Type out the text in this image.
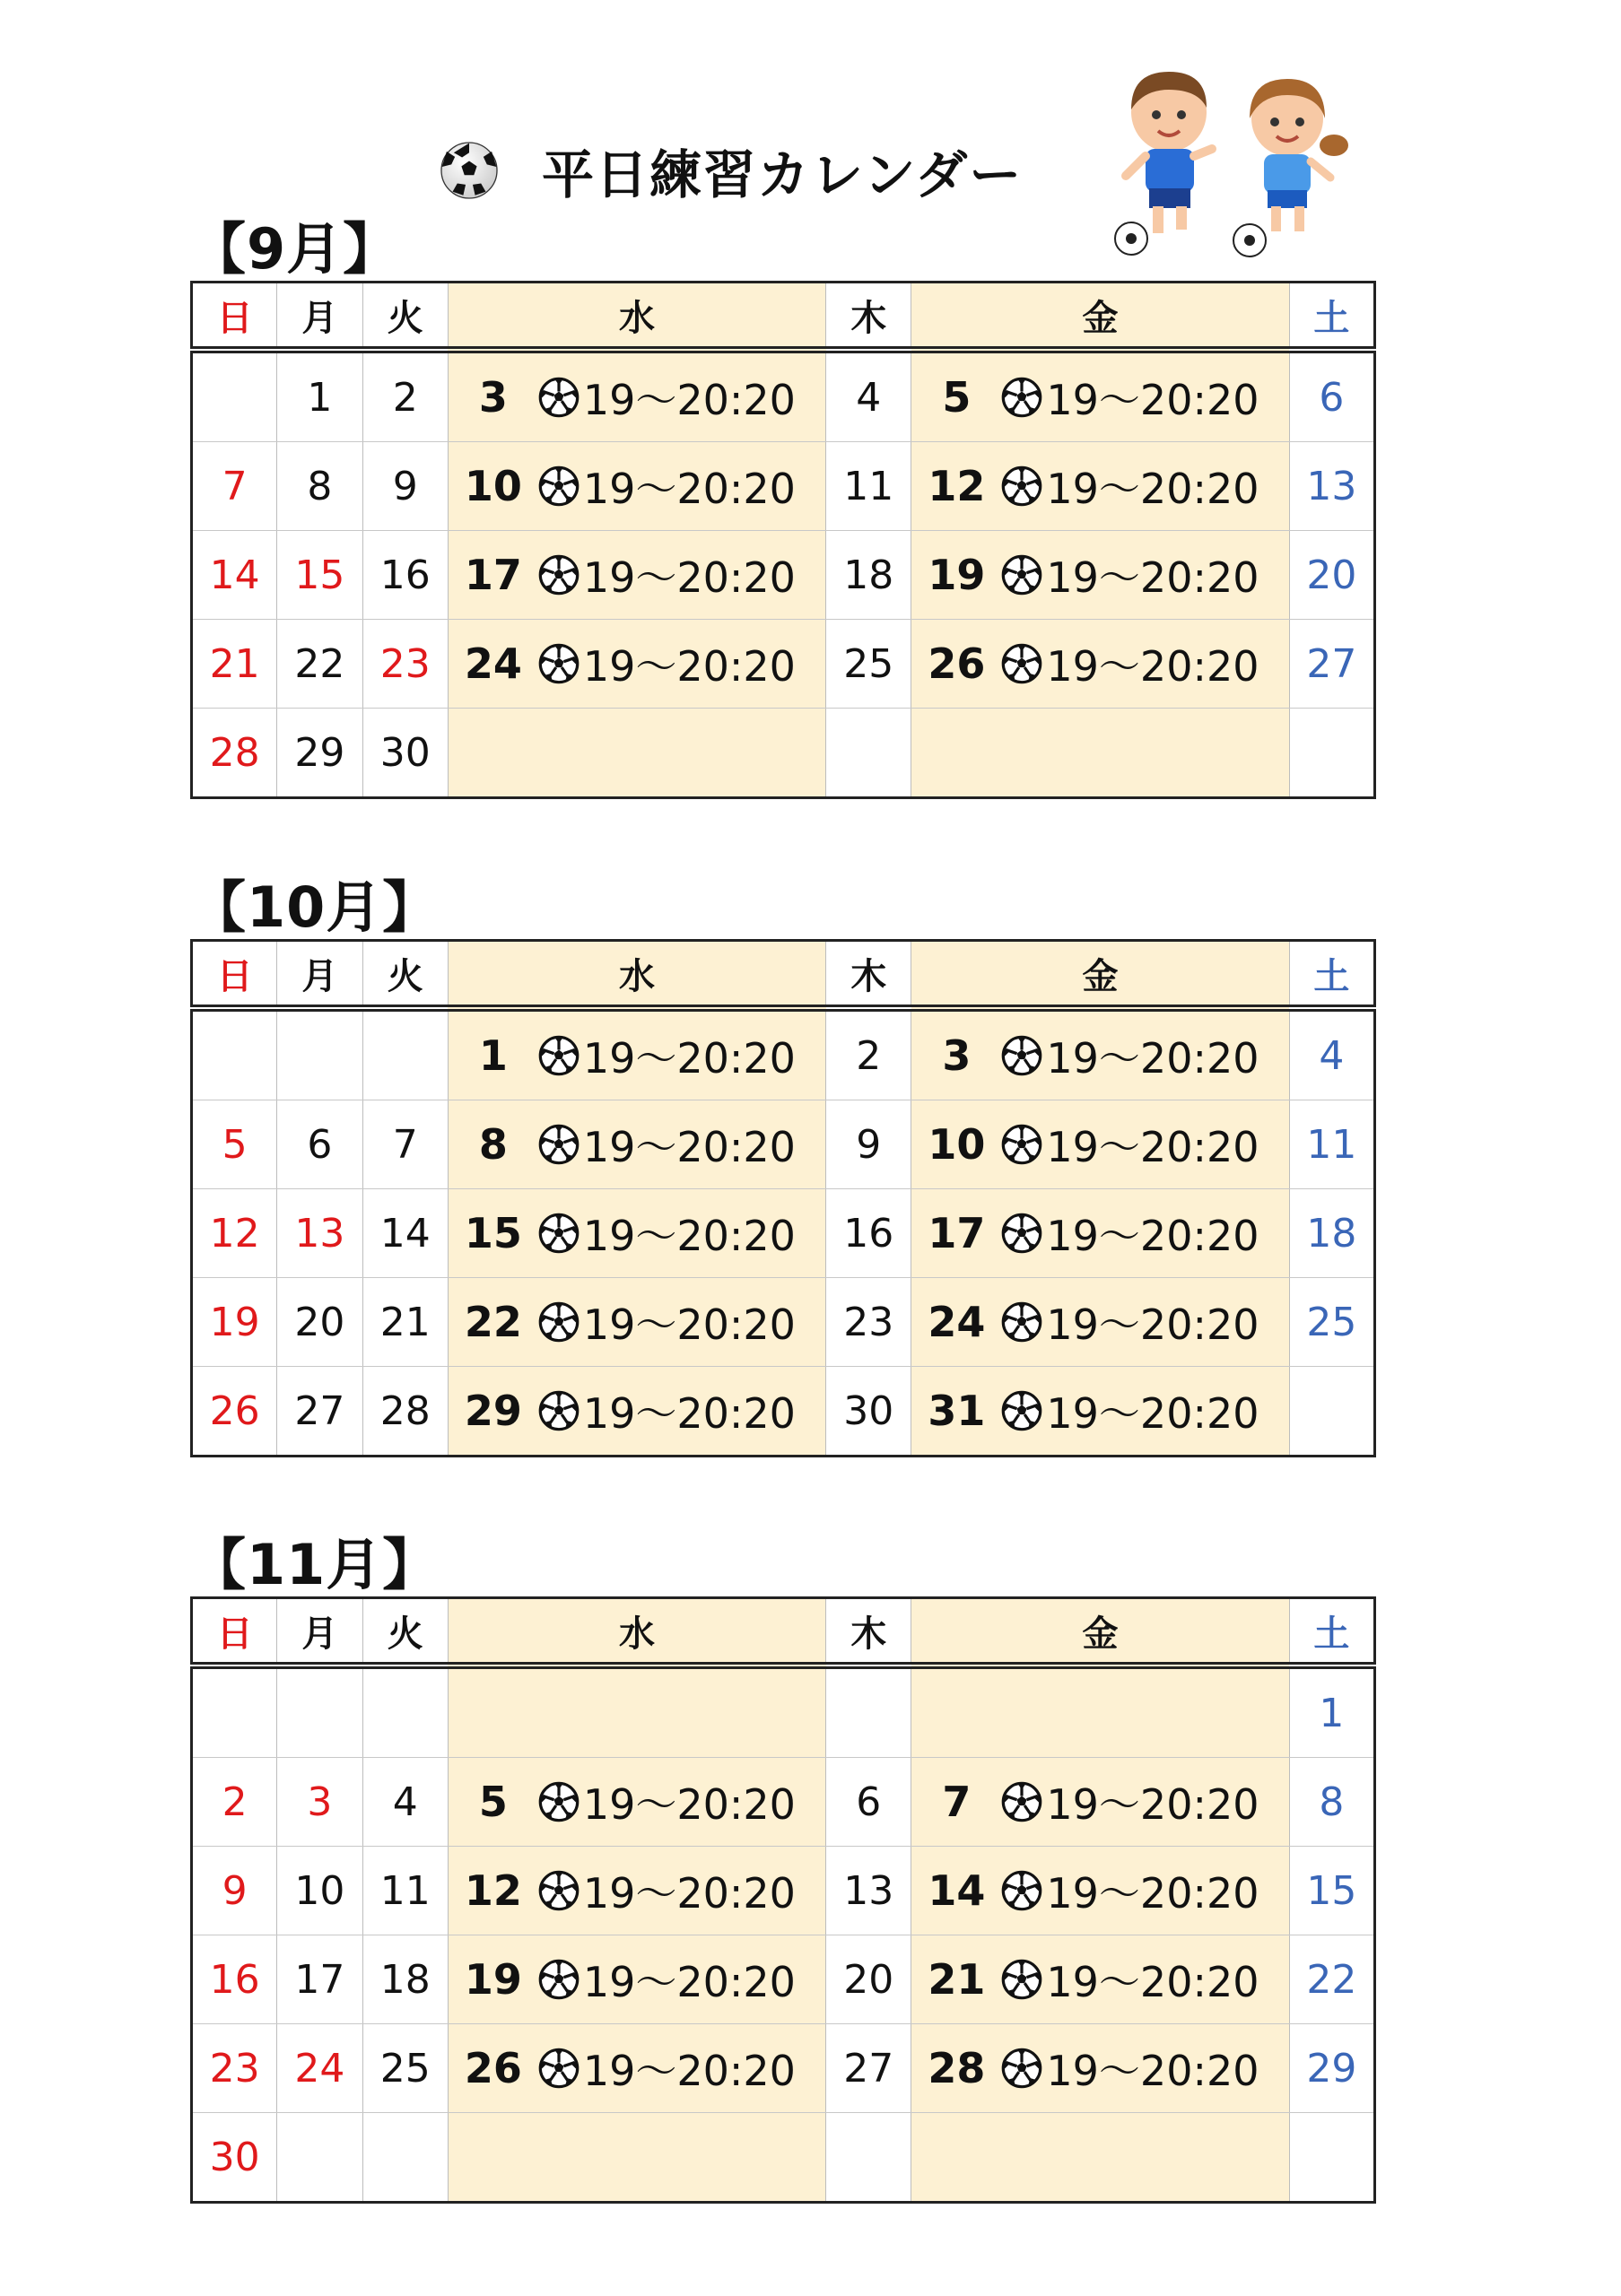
平日練習カレンダー
【9月】
日	月	火	水	木	金	土
	1	2	3 19～20:20	4	5 19～20:20	6
7	8	9	10 19～20:20	11	12 19～20:20	13
14	15	16	17 19～20:20	18	19 19～20:20	20
21	22	23	24 19～20:20	25	26 19～20:20	27
28	29	30				
【10月】
日	月	火	水	木	金	土

			1 19～20:20	2	3 19～20:20	4
5	6	7	8 19～20:20	9	10 19～20:20	11
12	13	14	15 19～20:20	16	17 19～20:20	18
19	20	21	22 19～20:20	23	24 19～20:20	25
26	27	28	29 19～20:20	30	31 19～20:20	

【11月】
日	月	火	水	木	金	土
						1
2	3	4	5 19～20:20	6	7 19～20:20	8
9	10	11	12 19～20:20	13	14 19～20:20	15
16	17	18	19 19～20:20	20	21 19～20:20	22
23	24	25	26 19～20:20	27	28 19～20:20	29
30						
